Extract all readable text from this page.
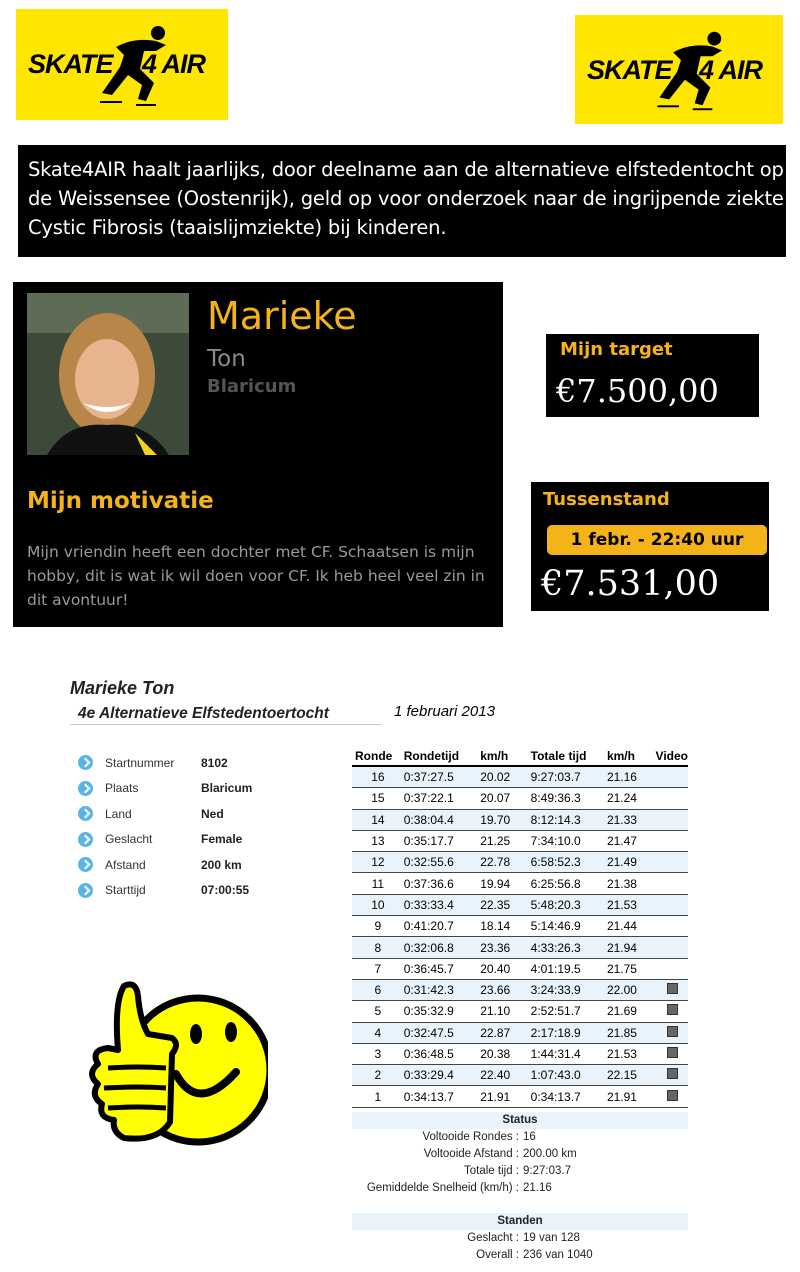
SKATE 4 AIR	SKATE 4 AIR
Skate4AIR haalt jaarlijks, door deelname aan de alternatieve elfstedentocht op de Weissensee (Oostenrijk), geld op voor onderzoek naar de ingrijpende ziekte Cystic Fibrosis (taaislijmziekte) bij kinderen.
Marieke
Ton
Blaricum
Mijn motivatie
Mijn vriendin heeft een dochter met CF. Schaatsen is mijn hobby, dit is wat ik wil doen voor CF. Ik heb heel veel zin in dit avontuur!
Mijn target
€7.500,00
Tussenstand
1 febr. - 22:40 uur
€7.531,00
Marieke Ton
4e Alternatieve Elfstedentoertocht	1 februari 2013
Startnummer	8102
Plaats	Blaricum
Land	Ned
Geslacht	Female
Afstand	200 km
Starttijd	07:00:55
Ronde	Rondetijd	km/h	Totale tijd	km/h	Video
16	0:37:27.5	20.02	9:27:03.7	21.16	
15	0:37:22.1	20.07	8:49:36.3	21.24	
14	0:38:04.4	19.70	8:12:14.3	21.33	
13	0:35:17.7	21.25	7:34:10.0	21.47	
12	0:32:55.6	22.78	6:58:52.3	21.49	
11	0:37:36.6	19.94	6:25:56.8	21.38	
10	0:33:33.4	22.35	5:48:20.3	21.53	
9	0:41:20.7	18.14	5:14:46.9	21.44	
8	0:32:06.8	23.36	4:33:26.3	21.94	
7	0:36:45.7	20.40	4:01:19.5	21.75	
6	0:31:42.3	23.66	3:24:33.9	22.00	
5	0:35:32.9	21.10	2:52:51.7	21.69	
4	0:32:47.5	22.87	2:17:18.9	21.85	
3	0:36:48.5	20.38	1:44:31.4	21.53	
2	0:33:29.4	22.40	1:07:43.0	22.15	
1	0:34:13.7	21.91	0:34:13.7	21.91	
Status
Voltooide Rondes : 16
Voltooide Afstand : 200.00 km
Totale tijd : 9:27:03.7
Gemiddelde Snelheid (km/h) : 21.16
Standen
Geslacht : 19 van 128
Overall : 236 van 1040
